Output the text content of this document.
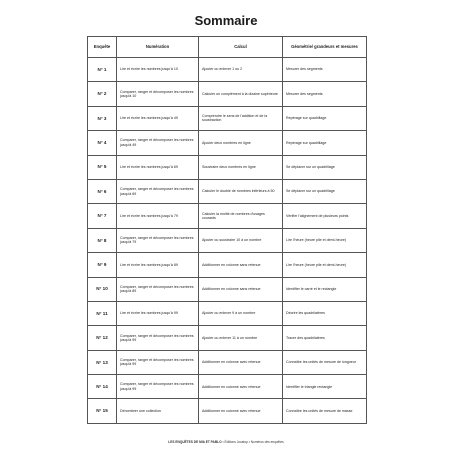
Sommaire
Enquête	Numération	Calcul	Géométrie/ grandeurs et mesures
N° 1	Lire et écrire les nombres jusqu'à 10	Ajouter ou enlever 1 ou 2	Mesurer des segments
N° 2	Comparer, ranger et décomposer les nombres jusqu'à 10	Calculer un complément à la dizaine supérieure	Mesurer des segments
N° 3	Lire et écrire les nombres jusqu'à 49	Comprendre le sens de l'addition et de la soustraction	Repérage sur quadrillage
N° 4	Comparer, ranger et décomposer les nombres jusqu'à 49	Ajouter deux nombres en ligne	Repérage sur quadrillage
N° 5	Lire et écrire les nombres jusqu'à 69	Soustraire deux nombres en ligne	Se déplacer sur un quadrillage
N° 6	Comparer, ranger et décomposer les nombres jusqu'à 69	Calculer le double de nombres inférieurs à 50	Se déplacer sur un quadrillage
N° 7	Lire et écrire les nombres jusqu'à 79	Calculer la moitié de nombres d'usages courants	Vérifier l'alignement de plusieurs points
N° 8	Comparer, ranger et décomposer les nombres jusqu'à 79	Ajouter ou soustraire 10 à un nombre	Lire l'heure (heure pile et demi-heure)
N° 9	Lire et écrire les nombres jusqu'à 89	Additionner en colonne sans retenue	Lire l'heure (heure pile et demi-heure)
N° 10	Comparer, ranger et décomposer les nombres jusqu'à 89	Additionner en colonne sans retenue	Identifier le carré et le rectangle
N° 11	Lire et écrire les nombres jusqu'à 99	Ajouter ou enlever 9 à un nombre	Décrire les quadrilatères
N° 12	Comparer, ranger et décomposer les nombres jusqu'à 99	Ajouter ou enlever 11 à un nombre	Tracer des quadrilatères
N° 13	Comparer, ranger et décomposer les nombres jusqu'à 99	Additionner en colonne avec retenue	Connaître les unités de mesure de longueur
N° 14	Comparer, ranger et décomposer les nombres jusqu'à 99	Additionner en colonne avec retenue	Identifier le triangle rectangle
N° 15	Dénombrer une collection	Additionner en colonne avec retenue	Connaître les unités de mesure de masse
LES ENQUÊTES DE MIA ET PABLO • Éditions Jocatop • Numéros des enquêtes
